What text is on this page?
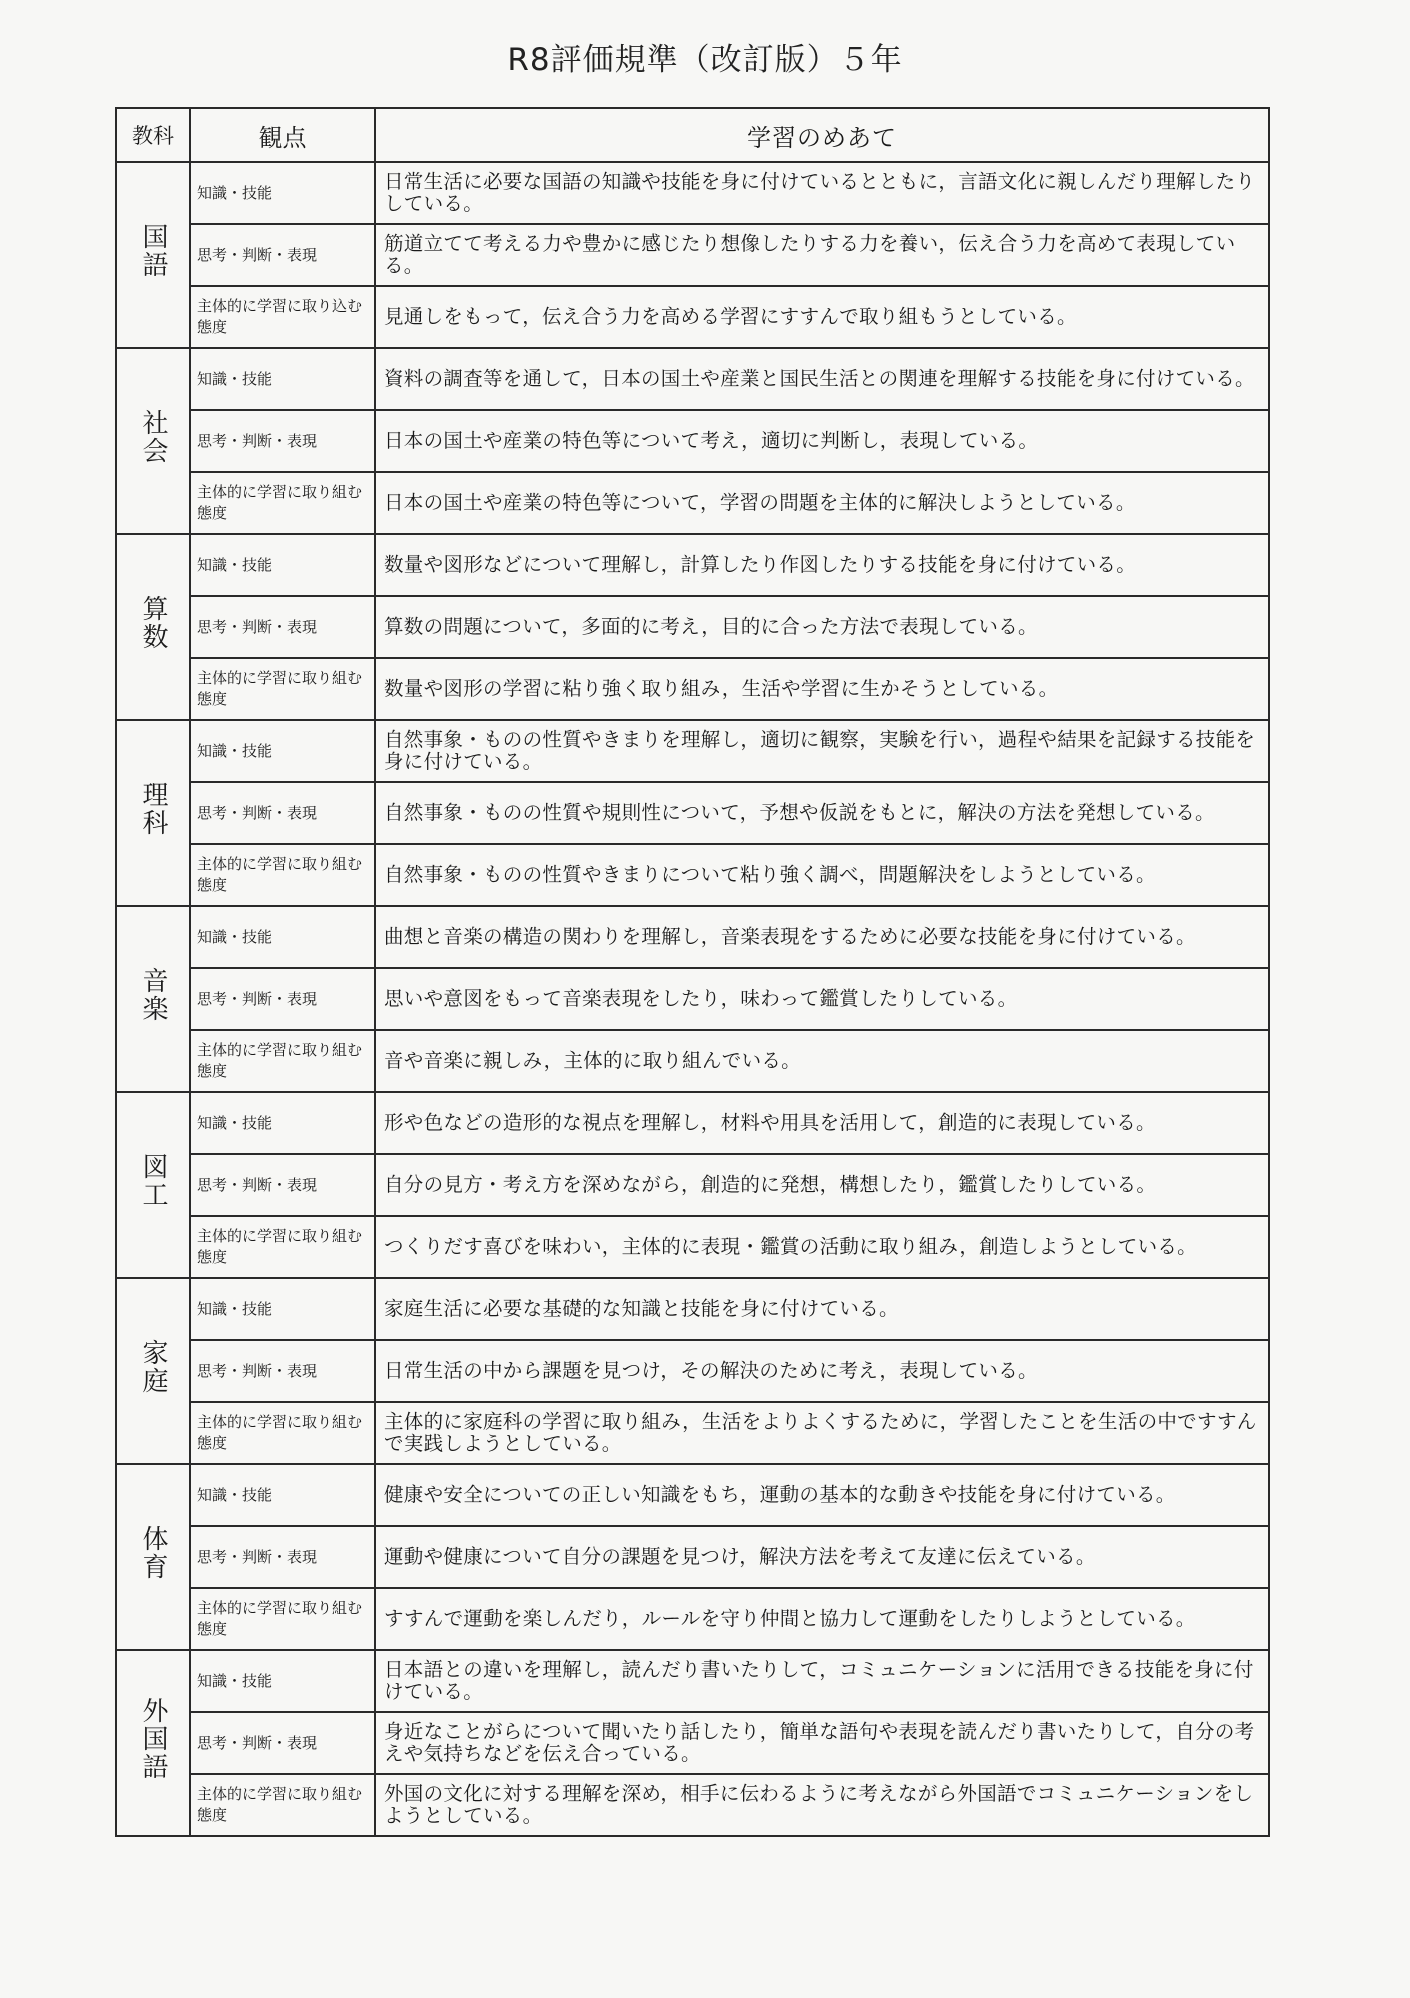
R8評価規準（改訂版）５年
教科	観点	学習のめあて
国語	知識・技能	日常生活に必要な国語の知識や技能を身に付けているとともに，言語文化に親しんだり理解したりしている。
	思考・判断・表現	筋道立てて考える力や豊かに感じたり想像したりする力を養い，伝え合う力を高めて表現している。
	主体的に学習に取り込む態度	見通しをもって，伝え合う力を高める学習にすすんで取り組もうとしている。
社会	知識・技能	資料の調査等を通して，日本の国土や産業と国民生活との関連を理解する技能を身に付けている。
	思考・判断・表現	日本の国土や産業の特色等について考え，適切に判断し，表現している。
	主体的に学習に取り組む態度	日本の国土や産業の特色等について，学習の問題を主体的に解決しようとしている。
算数	知識・技能	数量や図形などについて理解し，計算したり作図したりする技能を身に付けている。
	思考・判断・表現	算数の問題について，多面的に考え，目的に合った方法で表現している。
	主体的に学習に取り組む態度	数量や図形の学習に粘り強く取り組み，生活や学習に生かそうとしている。
理科	知識・技能	自然事象・ものの性質やきまりを理解し，適切に観察，実験を行い，過程や結果を記録する技能を身に付けている。
	思考・判断・表現	自然事象・ものの性質や規則性について，予想や仮説をもとに，解決の方法を発想している。
	主体的に学習に取り組む態度	自然事象・ものの性質やきまりについて粘り強く調べ，問題解決をしようとしている。
音楽	知識・技能	曲想と音楽の構造の関わりを理解し，音楽表現をするために必要な技能を身に付けている。
	思考・判断・表現	思いや意図をもって音楽表現をしたり，味わって鑑賞したりしている。
	主体的に学習に取り組む態度	音や音楽に親しみ，主体的に取り組んでいる。
図工	知識・技能	形や色などの造形的な視点を理解し，材料や用具を活用して，創造的に表現している。
	思考・判断・表現	自分の見方・考え方を深めながら，創造的に発想，構想したり，鑑賞したりしている。
	主体的に学習に取り組む態度	つくりだす喜びを味わい，主体的に表現・鑑賞の活動に取り組み，創造しようとしている。
家庭	知識・技能	家庭生活に必要な基礎的な知識と技能を身に付けている。
	思考・判断・表現	日常生活の中から課題を見つけ，その解決のために考え，表現している。
	主体的に学習に取り組む態度	主体的に家庭科の学習に取り組み，生活をよりよくするために，学習したことを生活の中ですすんで実践しようとしている。
体育	知識・技能	健康や安全についての正しい知識をもち，運動の基本的な動きや技能を身に付けている。
	思考・判断・表現	運動や健康について自分の課題を見つけ，解決方法を考えて友達に伝えている。
	主体的に学習に取り組む態度	すすんで運動を楽しんだり，ルールを守り仲間と協力して運動をしたりしようとしている。
外国語	知識・技能	日本語との違いを理解し，読んだり書いたりして，コミュニケーションに活用できる技能を身に付けている。
	思考・判断・表現	身近なことがらについて聞いたり話したり，簡単な語句や表現を読んだり書いたりして，自分の考えや気持ちなどを伝え合っている。
	主体的に学習に取り組む態度	外国の文化に対する理解を深め，相手に伝わるように考えながら外国語でコミュニケーションをしようとしている。
